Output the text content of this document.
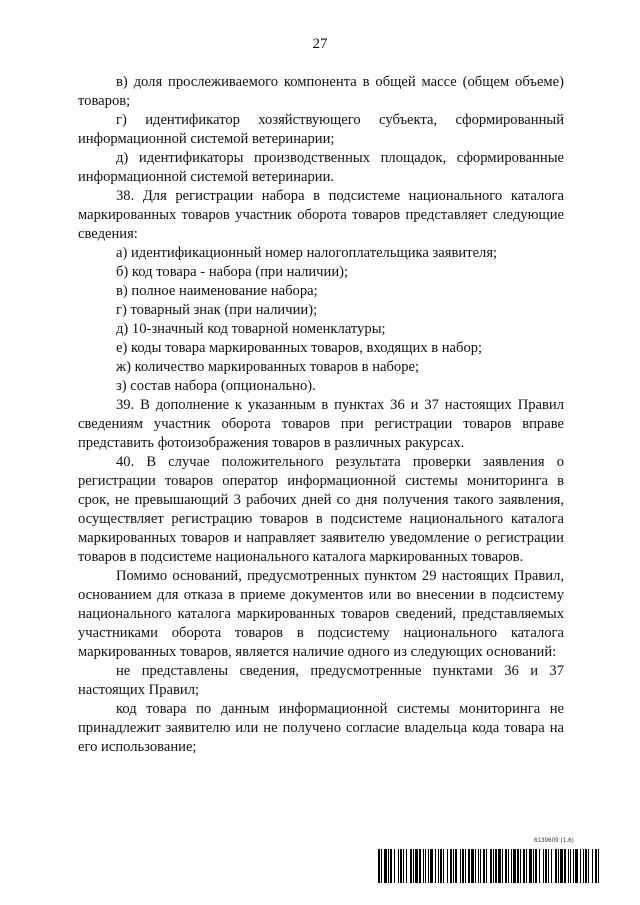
27

в) доля прослеживаемого компонента в общей массе (общем объеме) товаров;

г) идентификатор хозяйствующего субъекта, сформированный информационной системой ветеринарии;

д) идентификаторы производственных площадок, сформированные информационной системой ветеринарии.

38. Для регистрации набора в подсистеме национального каталога маркированных товаров участник оборота товаров представляет следующие сведения:

а) идентификационный номер налогоплательщика заявителя;

б) код товара - набора (при наличии);

в) полное наименование набора;

г) товарный знак (при наличии);

д) 10-значный код товарной номенклатуры;

е) коды товара маркированных товаров, входящих в набор;

ж) количество маркированных товаров в наборе;

з) состав набора (опционально).

39. В дополнение к указанным в пунктах 36 и 37 настоящих Правил сведениям участник оборота товаров при регистрации товаров вправе представить фотоизображения товаров в различных ракурсах.

40. В случае положительного результата проверки заявления о регистрации товаров оператор информационной системы мониторинга в срок, не превышающий 3 рабочих дней со дня получения такого заявления, осуществляет регистрацию товаров в подсистеме национального каталога маркированных товаров и направляет заявителю уведомление о регистрации товаров в подсистеме национального каталога маркированных товаров.

Помимо оснований, предусмотренных пунктом 29 настоящих Правил, основанием для отказа в приеме документов или во внесении в подсистему национального каталога маркированных товаров сведений, представляемых участниками оборота товаров в подсистему национального каталога маркированных товаров, является наличие одного из следующих оснований:

не представлены сведения, предусмотренные пунктами 36 и 37 настоящих Правил;

код товара по данным информационной системы мониторинга не принадлежит заявителю или не получено согласие владельца кода товара на его использование;

6139609 (1.6)
